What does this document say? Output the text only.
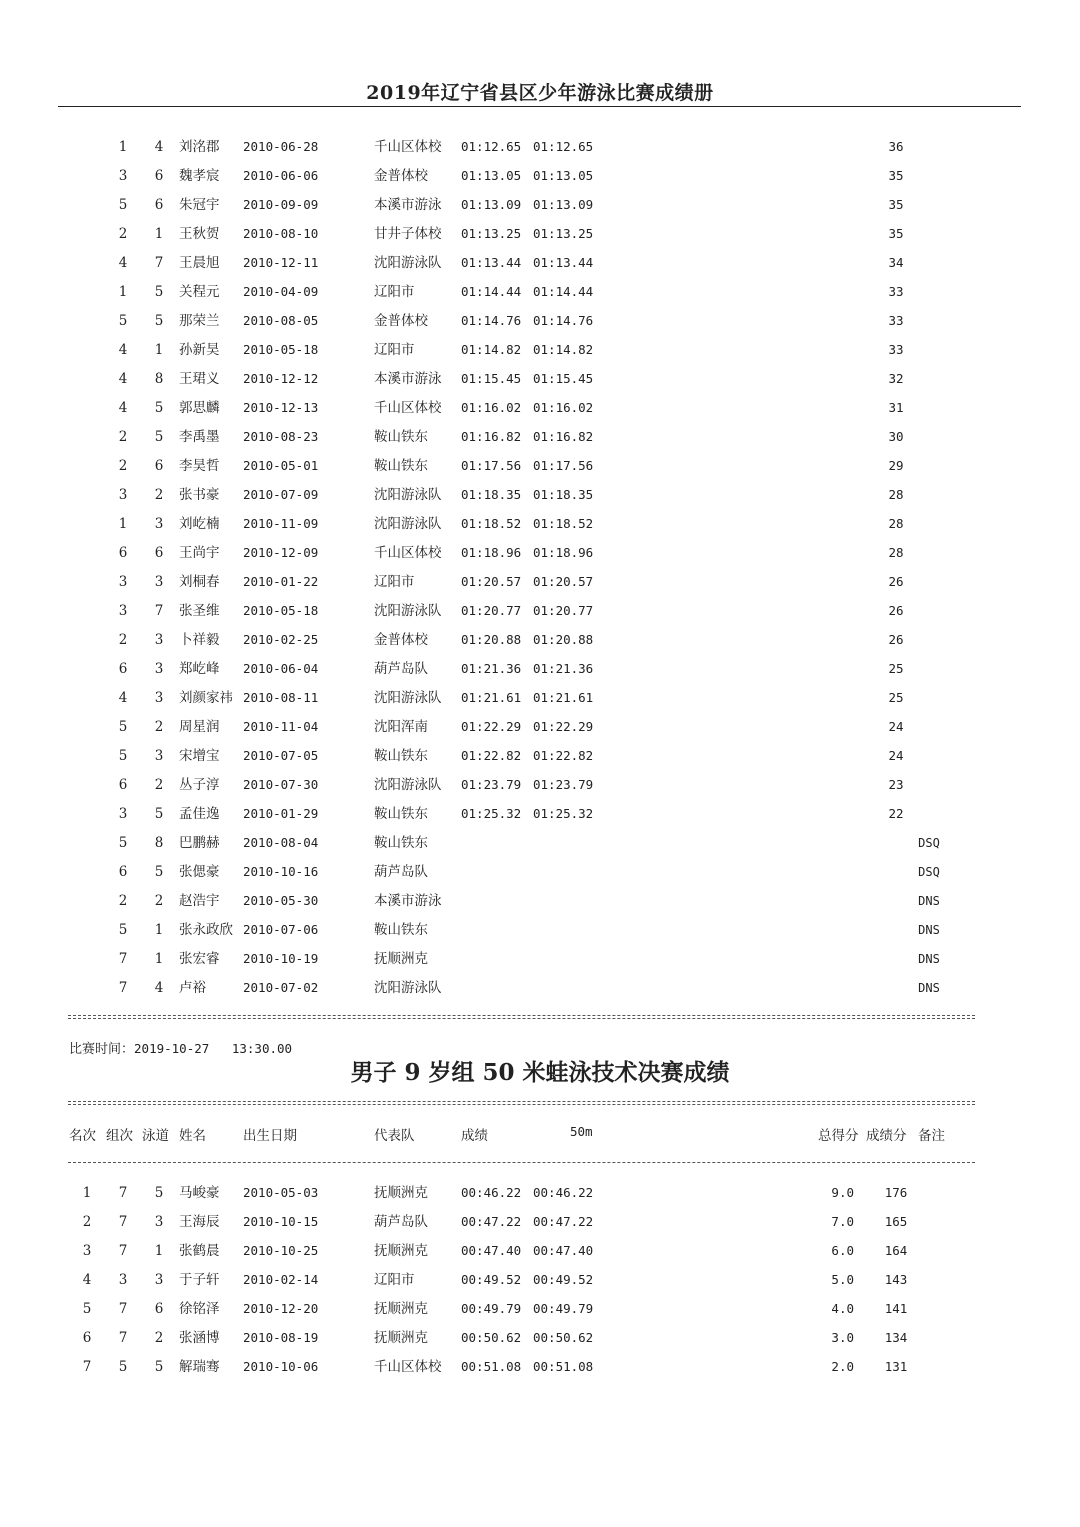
2019年辽宁省县区少年游泳比赛成绩册
1	4	刘洺郡 2010-06-28	千山区体校 01:12.65 01:12.65	36
3	6	魏孝宸 2010-06-06	金普体校	01:13.05 01:13.05	35
5	6	朱冠宇 2010-09-09	本溪市游泳 01:13.09 01:13.09	35
2	1	王秋贺 2010-08-10	甘井子体校 01:13.25 01:13.25	35
4	7	王晨旭 2010-12-11	沈阳游泳队 01:13.44 01:13.44	34
1	5	关程元 2010-04-09	辽阳市	01:14.44 01:14.44	33
5	5	那荣兰 2010-08-05	金普体校	01:14.76 01:14.76	33
4	1	孙新昊 2010-05-18	辽阳市	01:14.82 01:14.82	33
4	8	王珺义 2010-12-12	本溪市游泳 01:15.45 01:15.45	32
4	5	郭思麟 2010-12-13	千山区体校 01:16.02 01:16.02	31
2	5	李禹墨 2010-08-23	鞍山铁东	01:16.82 01:16.82	30
2	6	李昊哲 2010-05-01	鞍山铁东	01:17.56 01:17.56	29
3	2	张书豪 2010-07-09	沈阳游泳队 01:18.35 01:18.35	28
1	3	刘屹楠 2010-11-09	沈阳游泳队 01:18.52 01:18.52	28
6	6	王尚宇 2010-12-09	千山区体校 01:18.96 01:18.96	28
3	3	刘桐春 2010-01-22	辽阳市	01:20.57 01:20.57	26
3	7	张圣维 2010-05-18	沈阳游泳队 01:20.77 01:20.77	26
2	3	卜祥毅 2010-02-25	金普体校	01:20.88 01:20.88	26
6	3	郑屹峰 2010-06-04	葫芦岛队	01:21.36 01:21.36	25
4	3	刘颜家祎 2010-08-11	沈阳游泳队 01:21.61 01:21.61	25
5	2	周星润 2010-11-04	沈阳浑南	01:22.29 01:22.29	24
5	3	宋增宝 2010-07-05	鞍山铁东	01:22.82 01:22.82	24
6	2	丛子淳 2010-07-30	沈阳游泳队 01:23.79 01:23.79	23
3	5	孟佳逸 2010-01-29	鞍山铁东	01:25.32 01:25.32	22
5	8	巴鹏赫 2010-08-04	鞍山铁东	DSQ
6	5	张偲豪 2010-10-16	葫芦岛队	DSQ
2	2	赵浩宇 2010-05-30	本溪市游泳	DNS
5	1	张永政欣 2010-07-06	鞍山铁东	DNS
7	1	张宏睿 2010-10-19	抚顺洲克	DNS
7	4	卢裕	2010-07-02	沈阳游泳队	DNS
比赛时间：2019-10-27   13:30.00
男子 9 岁组 50 米蛙泳技术决赛成绩
名次 组次 泳道 姓名	出生日期	代表队	成绩	50m	总得分 成绩分 备注
1	7	5	马峻豪 2010-05-03	抚顺洲克	00:46.22 00:46.22	9.0	176
2	7	3	王海辰 2010-10-15	葫芦岛队	00:47.22 00:47.22	7.0	165
3	7	1	张鹤晨 2010-10-25	抚顺洲克	00:47.40 00:47.40	6.0	164
4	3	3	于子轩 2010-02-14	辽阳市	00:49.52 00:49.52	5.0	143
5	7	6	徐铭泽 2010-12-20	抚顺洲克	00:49.79 00:49.79	4.0	141
6	7	2	张涵博 2010-08-19	抚顺洲克	00:50.62 00:50.62	3.0	134
7	5	5	解瑞骞 2010-10-06	千山区体校 00:51.08 00:51.08	2.0	131
